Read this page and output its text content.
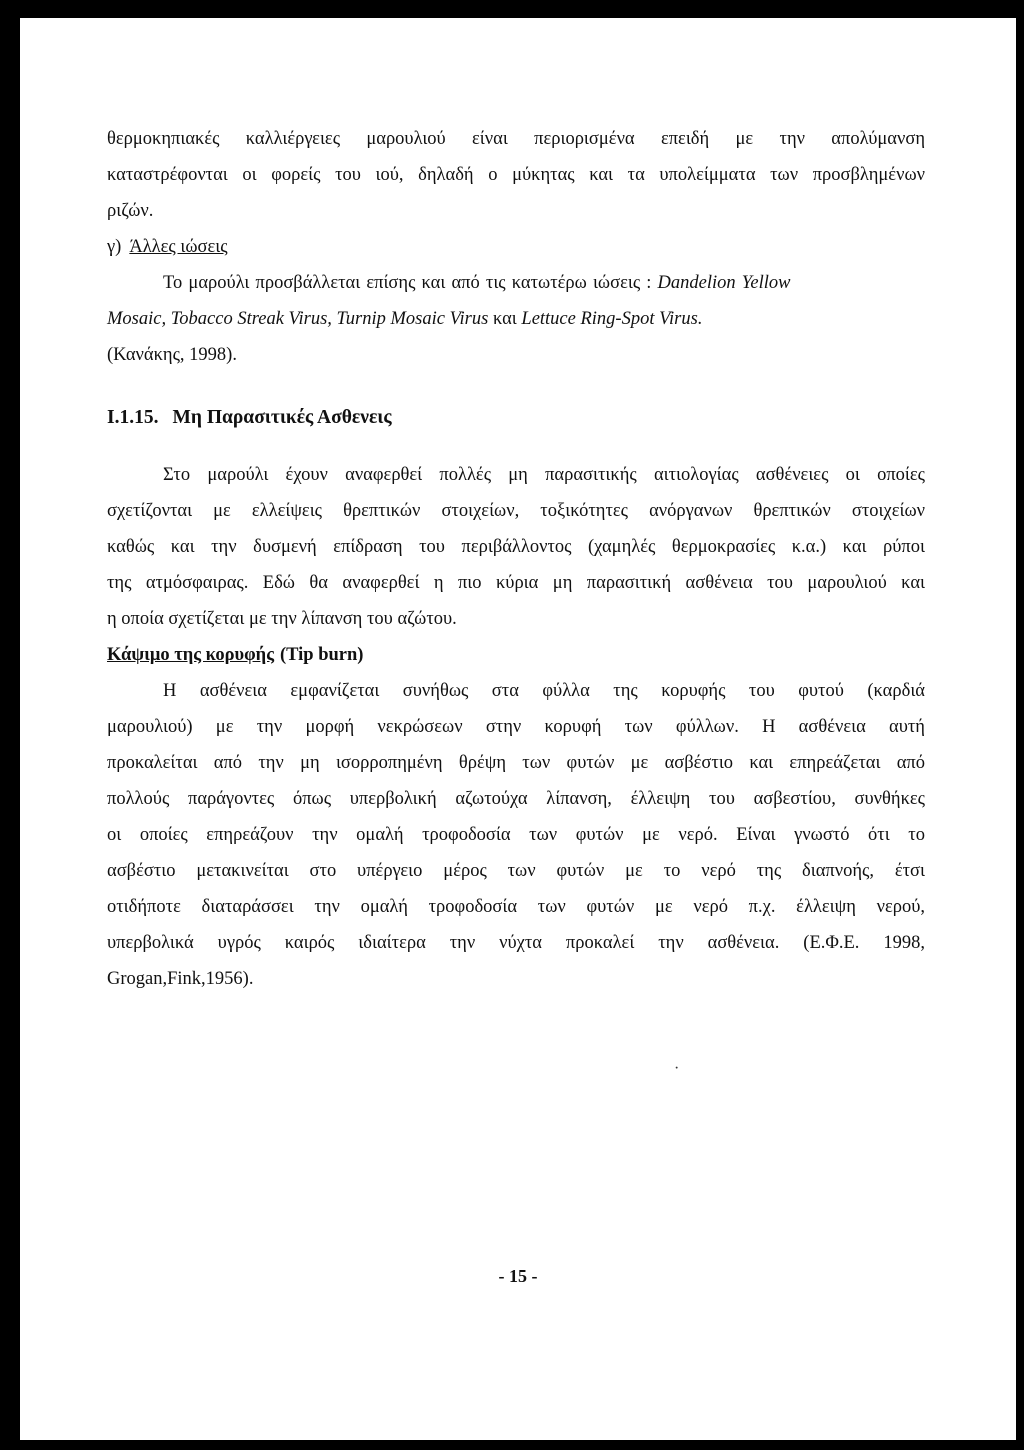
θερμοκηπιακές καλλιέργειες μαρουλιού είναι περιορισμένα επειδή με την απολύμανση
καταστρέφονται οι φορείς του ιού, δηλαδή ο μύκητας και τα υπολείμματα των προσβλημένων
ριζών.
γ) Άλλες ιώσεις
Το μαρούλι προσβάλλεται επίσης και από τις κατωτέρω ιώσεις : Dandelion Yellow
Mosaic, Tobacco Streak Virus, Turnip Mosaic Virus και Lettuce Ring-Spot Virus.
(Κανάκης, 1998).
I.1.15. Μη Παρασιτικές Ασθενεις
Στο μαρούλι έχουν αναφερθεί πολλές μη παρασιτικής αιτιολογίας ασθένειες οι οποίες
σχετίζονται με ελλείψεις θρεπτικών στοιχείων, τοξικότητες ανόργανων θρεπτικών στοιχείων
καθώς και την δυσμενή επίδραση του περιβάλλοντος (χαμηλές θερμοκρασίες κ.α.) και ρύποι
της ατμόσφαιρας. Εδώ θα αναφερθεί η πιο κύρια μη παρασιτική ασθένεια του μαρουλιού και
η οποία σχετίζεται με την λίπανση του αζώτου.
Κάψιμο της κορυφής (Tip burn)
Η ασθένεια εμφανίζεται συνήθως στα φύλλα της κορυφής του φυτού (καρδιά
μαρουλιού) με την μορφή νεκρώσεων στην κορυφή των φύλλων. Η ασθένεια αυτή
προκαλείται από την μη ισορροπημένη θρέψη των φυτών με ασβέστιο και επηρεάζεται από
πολλούς παράγοντες όπως υπερβολική αζωτούχα λίπανση, έλλειψη του ασβεστίου, συνθήκες
οι οποίες επηρεάζουν την ομαλή τροφοδοσία των φυτών με νερό. Είναι γνωστό ότι το
ασβέστιο μετακινείται στο υπέργειο μέρος των φυτών με το νερό της διαπνοής, έτσι
οτιδήποτε διαταράσσει την ομαλή τροφοδοσία των φυτών με νερό π.χ. έλλειψη νερού,
υπερβολικά υγρός καιρός ιδιαίτερα την νύχτα προκαλεί την ασθένεια. (Ε.Φ.Ε. 1998,
Grogan,Fink,1956).
·
- 15 -
